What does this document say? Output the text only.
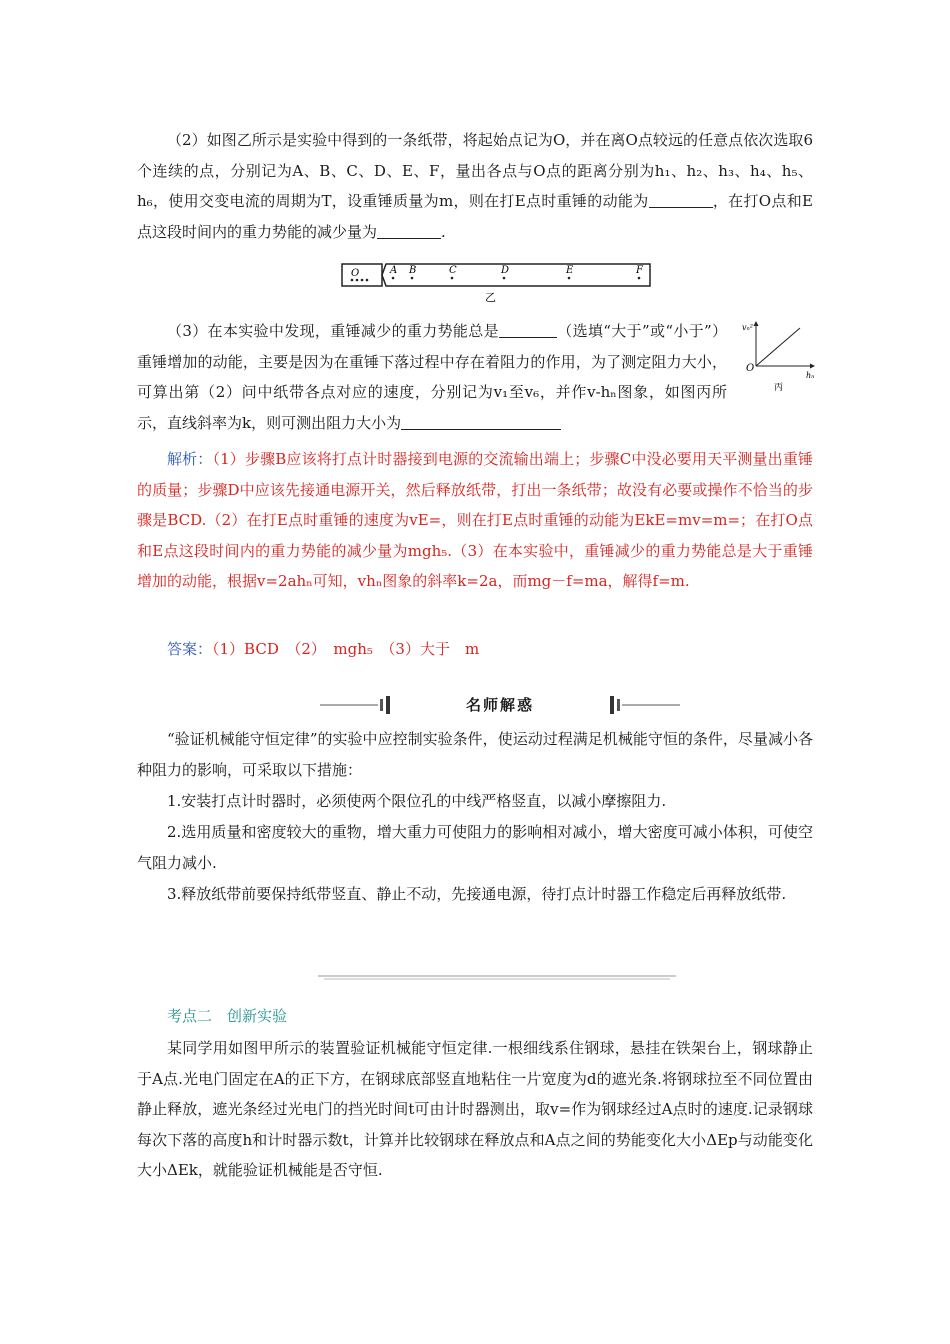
（2）如图乙所示是实验中得到的一条纸带，将起始点记为O，并在离O点较远的任意点依次选取6个连续的点，分别记为A、B、C、D、E、F，量出各点与O点的距离分别为h₁、h₂、h₃、h₄、h₅、h₆，使用交变电流的周期为T，设重锤质量为m，则在打E点时重锤的动能为	，在打O点和E点这段时间内的重力势能的减少量为	.

O	A B	C	D	E	F
乙

（3）在本实验中发现，重锤减少的重力势能总是	（选填“大于”或“小于”）重锤增加的动能，主要是因为在重锤下落过程中存在着阻力的作用，为了测定阻力大小，可算出第（2）问中纸带各点对应的速度，分别记为v₁至v₆，并作v-hₙ图象，如图丙所示，直线斜率为k，则可测出阻力大小为

vₙ²
hₙ
O
丙

解析：（1）步骤B应该将打点计时器接到电源的交流输出端上；步骤C中没必要用天平测量出重锤的质量；步骤D中应该先接通电源开关，然后释放纸带，打出一条纸带；故没有必要或操作不恰当的步骤是BCD.（2）在打E点时重锤的速度为vE=，则在打E点时重锤的动能为EkE=mv=m=；在打O点和E点这段时间内的重力势能的减少量为mgh₅.（3）在本实验中，重锤减少的重力势能总是大于重锤增加的动能，根据v=2ahₙ可知，vhₙ图象的斜率k=2a，而mg－f=ma，解得f=m.

答案：（1）BCD　（2）　mgh₅　（3）大于　m

名师解惑

“验证机械能守恒定律”的实验中应控制实验条件，使运动过程满足机械能守恒的条件，尽量减小各种阻力的影响，可采取以下措施：

1.安装打点计时器时，必须使两个限位孔的中线严格竖直，以减小摩擦阻力.

2.选用质量和密度较大的重物，增大重力可使阻力的影响相对减小，增大密度可减小体积，可使空气阻力减小.

3.释放纸带前要保持纸带竖直、静止不动，先接通电源，待打点计时器工作稳定后再释放纸带.

考点二　创新实验

某同学用如图甲所示的装置验证机械能守恒定律.一根细线系住钢球，悬挂在铁架台上，钢球静止于A点.光电门固定在A的正下方，在钢球底部竖直地粘住一片宽度为d的遮光条.将钢球拉至不同位置由静止释放，遮光条经过光电门的挡光时间t可由计时器测出，取v=作为钢球经过A点时的速度.记录钢球每次下落的高度h和计时器示数t，计算并比较钢球在释放点和A点之间的势能变化大小ΔEp与动能变化大小ΔEk，就能验证机械能是否守恒.
